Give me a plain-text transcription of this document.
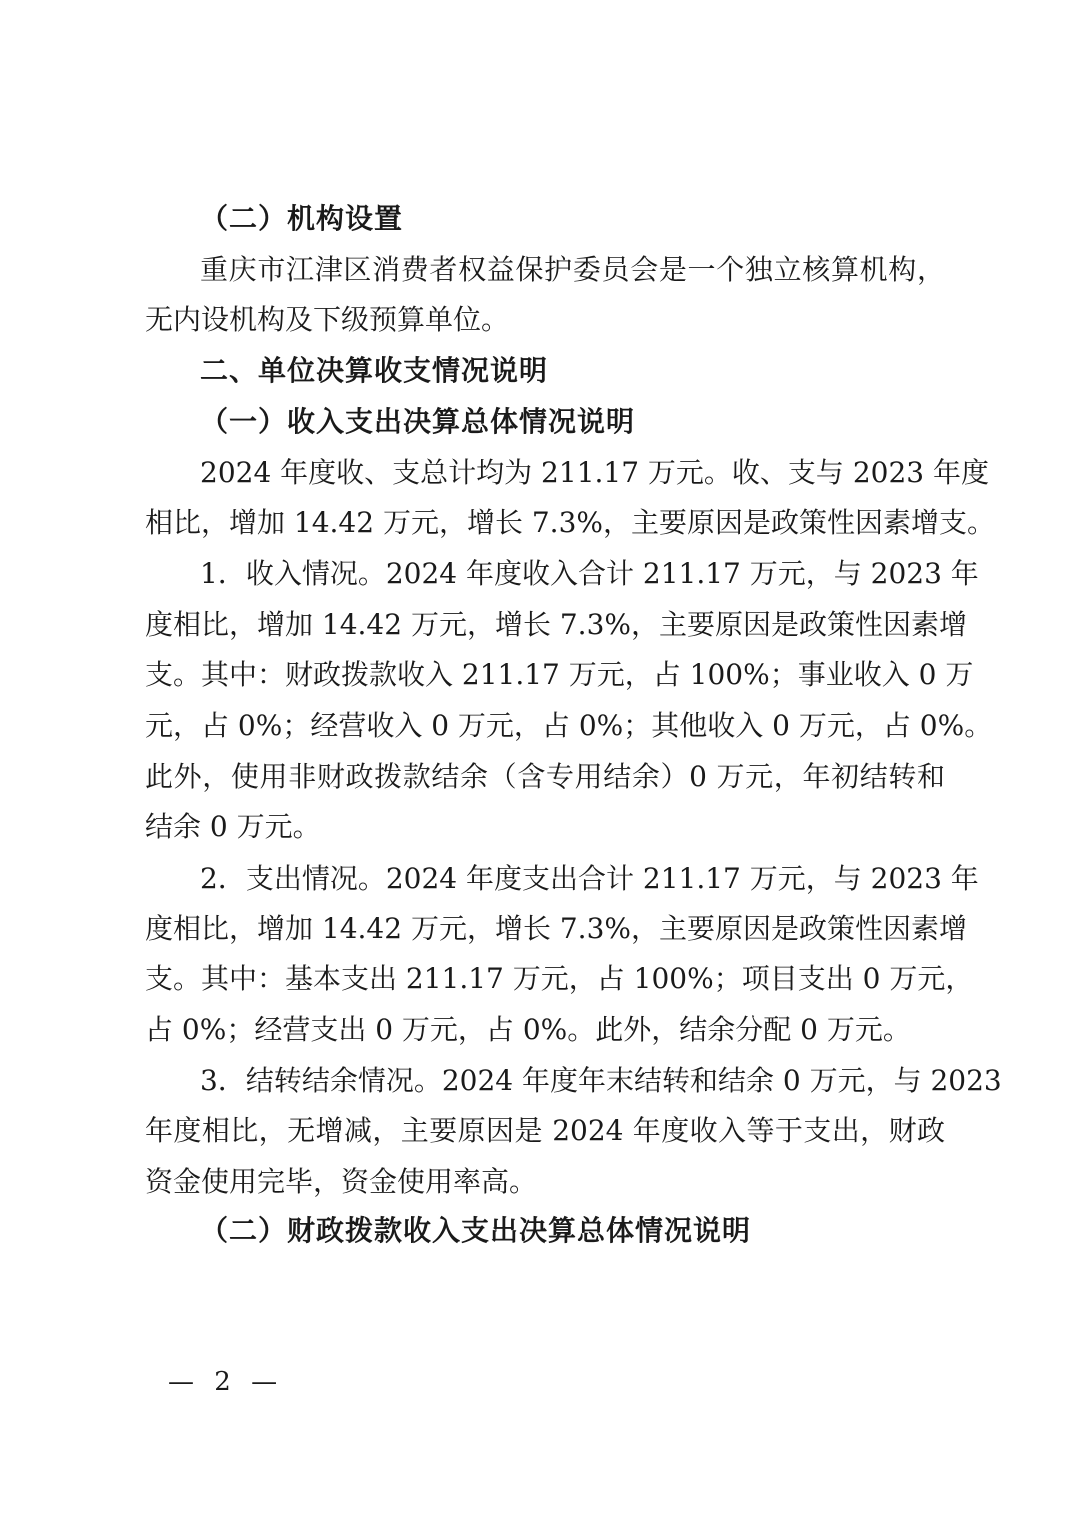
（二）机构设置
重庆市江津区消费者权益保护委员会是一个独立核算机构，
无内设机构及下级预算单位。
二、单位决算收支情况说明
（一）收入支出决算总体情况说明
2024 年度收、支总计均为 211.17 万元。收、支与 2023 年度
相比，增加 14.42 万元，增长 7.3%，主要原因是政策性因素增支。
1．收入情况。2024 年度收入合计 211.17 万元，与 2023 年
度相比，增加 14.42 万元，增长 7.3%，主要原因是政策性因素增
支。其中：财政拨款收入 211.17 万元，占 100%；事业收入 0 万
元，占 0%；经营收入 0 万元，占 0%；其他收入 0 万元，占 0%。
此外，使用非财政拨款结余（含专用结余）0 万元，年初结转和
结余 0 万元。
2．支出情况。2024 年度支出合计 211.17 万元，与 2023 年
度相比，增加 14.42 万元，增长 7.3%，主要原因是政策性因素增
支。其中：基本支出 211.17 万元，占 100%；项目支出 0 万元，
占 0%；经营支出 0 万元，占 0%。此外，结余分配 0 万元。
3．结转结余情况。2024 年度年末结转和结余 0 万元，与 2023
年度相比，无增减，主要原因是 2024 年度收入等于支出，财政
资金使用完毕，资金使用率高。
（二）财政拨款收入支出决算总体情况说明
— 2 —
